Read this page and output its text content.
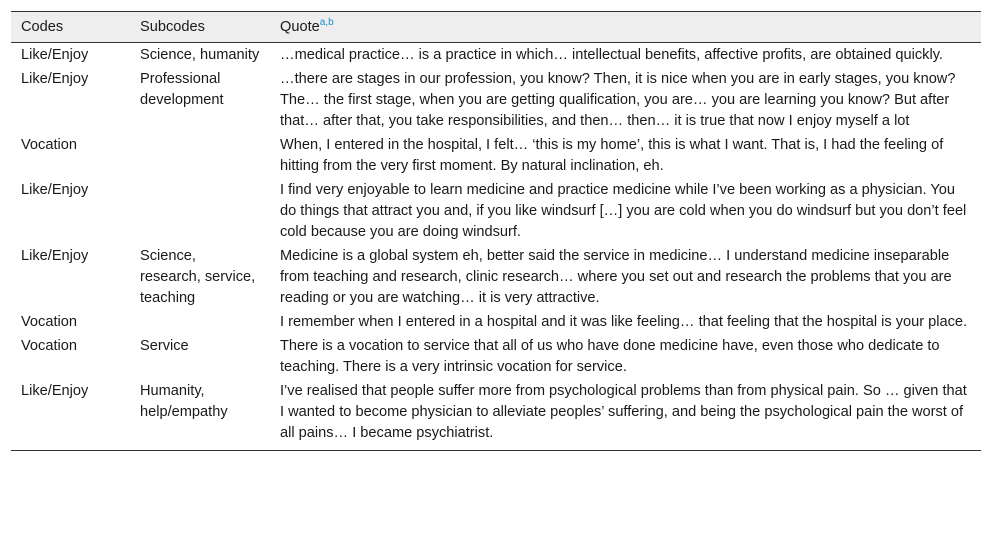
Codes	Subcodes	Quote$^{a,b}$
Like/Enjoy	Science, humanity	…medical practice… is a practice in which… intellectual benefits, affective profits, are obtained quickly.
Like/Enjoy	Professional development	…there are stages in our profession, you know? Then, it is nice when you are in early stages, you know? The… the first stage, when you are getting qualification, you are… you are learning you know? But after that… after that, you take responsibilities, and then… then… it is true that now I enjoy myself a lot
Vocation		When, I entered in the hospital, I felt… ‘this is my home’, this is what I want. That is, I had the feeling of hitting from the very first moment. By natural inclination, eh.
Like/Enjoy		I find very enjoyable to learn medicine and practice medicine while I’ve been working as a physician. You do things that attract you and, if you like windsurf […] you are cold when you do windsurf but you don’t feel cold because you are doing windsurf.
Like/Enjoy	Science, research, service, teaching	Medicine is a global system eh, better said the service in medicine… I understand medicine inseparable from teaching and research, clinic research… where you set out and research the problems that you are reading or you are watching… it is very attractive.
Vocation		I remember when I entered in a hospital and it was like feeling… that feeling that the hospital is your place.
Vocation	Service	There is a vocation to service that all of us who have done medicine have, even those who dedicate to teaching. There is a very intrinsic vocation for service.
Like/Enjoy	Humanity, help/empathy	I’ve realised that people suffer more from psychological problems than from physical pain. So … given that I wanted to become physician to alleviate peoples’ suffering, and being the psychological pain the worst of all pains… I became psychiatrist.
